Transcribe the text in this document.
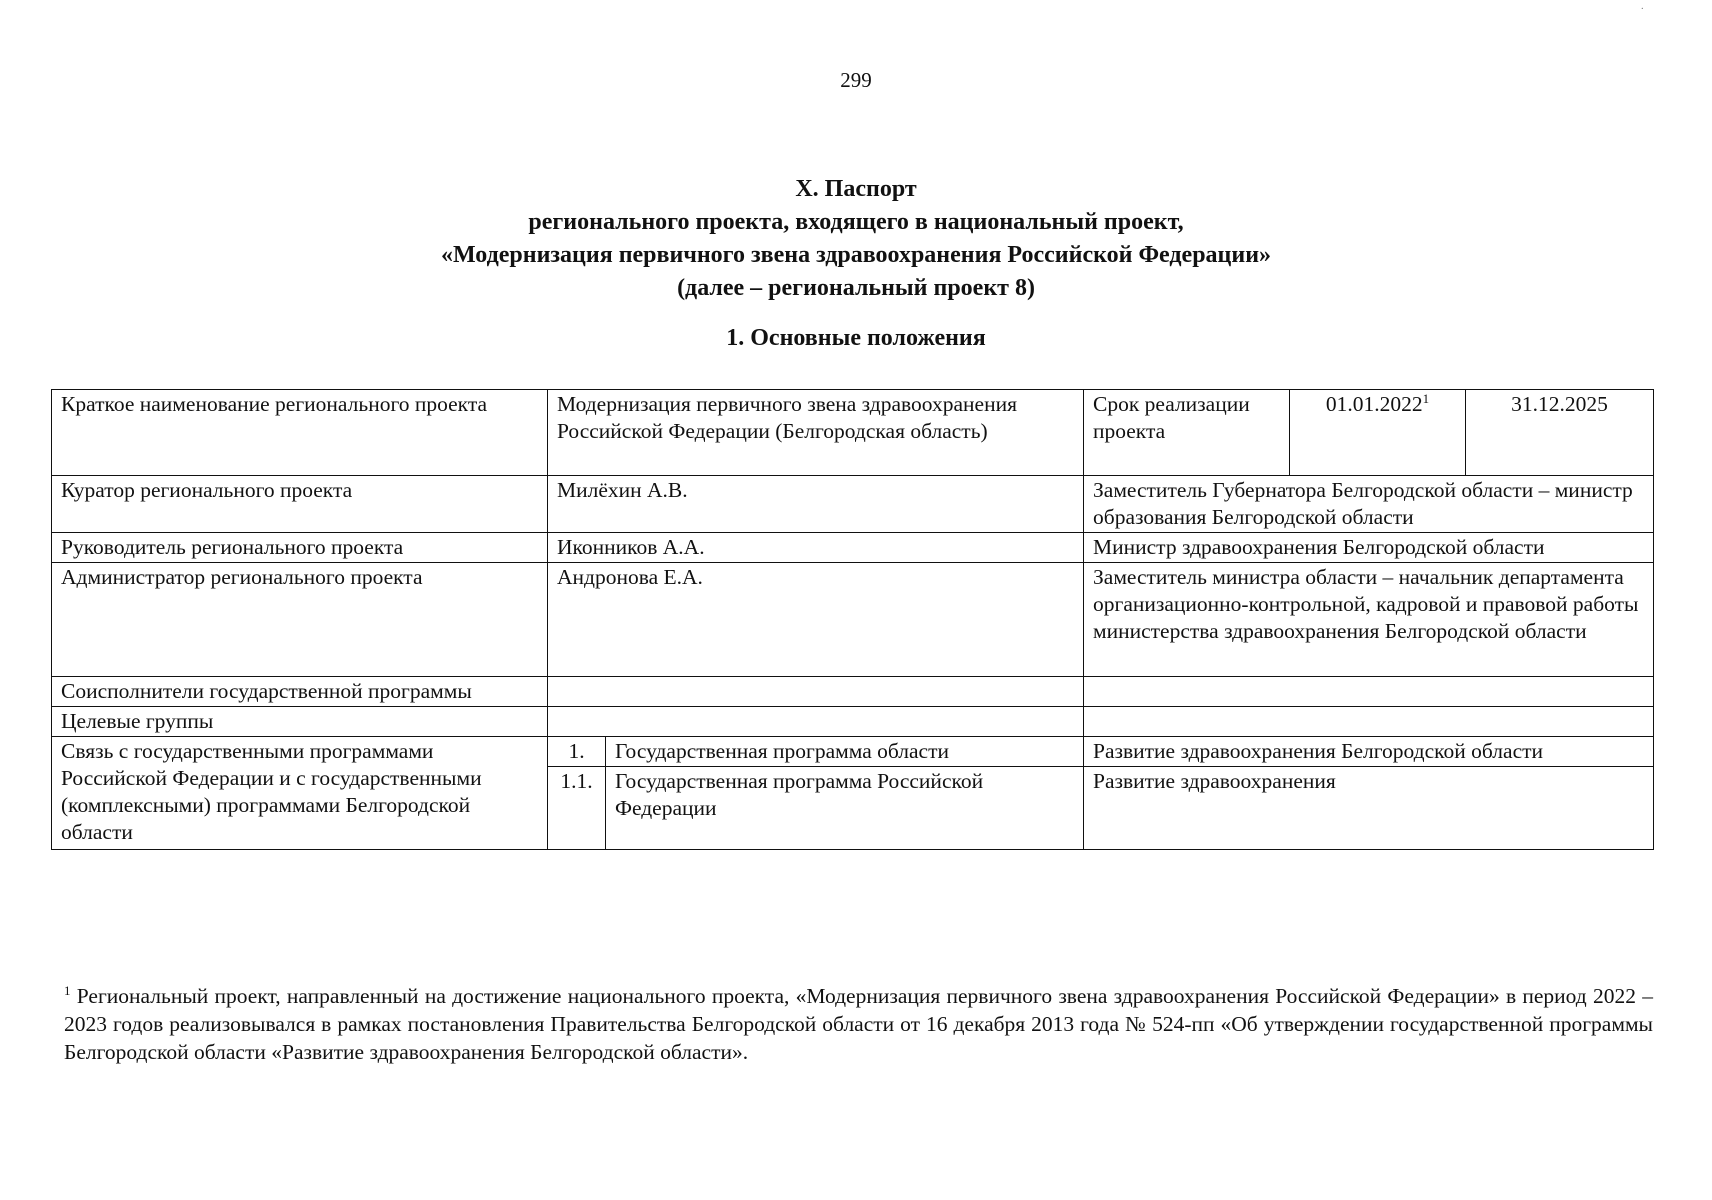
·
299
X. Паспорт
регионального проекта, входящего в национальный проект,
«Модернизация первичного звена здравоохранения Российской Федерации»
(далее – региональный проект 8)
1. Основные положения
Краткое наименование регионального проекта	Модернизация первичного звена здравоохранения Российской Федерации (Белгородская область)		Срок реализации проекта	01.01.2022$^1$	31.12.2025
Куратор регионального проекта	Милёхин А.В.		Заместитель Губернатора Белгородской области – министр образования Белгородской области		
Руководитель регионального проекта	Иконников А.А.		Министр здравоохранения Белгородской области		
Администратор регионального проекта	Андронова Е.А.		Заместитель министра области – начальник департамента организационно-контрольной, кадровой и правовой работы министерства здравоохранения Белгородской области		
Соисполнители государственной программы					
Целевые группы					
Связь с государственными программами Российской Федерации и с государственными (комплексными) программами Белгородской области	1.	Государственная программа области	Развитие здравоохранения Белгородской области		
	1.1.	Государственная программа Российской Федерации	Развитие здравоохранения		
$^1$ Региональный проект, направленный на достижение национального проекта, «Модернизация первичного звена здравоохранения Российской Федерации» в период 2022 – 2023 годов реализовывался в рамках постановления Правительства Белгородской области от 16 декабря 2013 года № 524-пп «Об утверждении государственной программы Белгородской области «Развитие здравоохранения Белгородской области».
